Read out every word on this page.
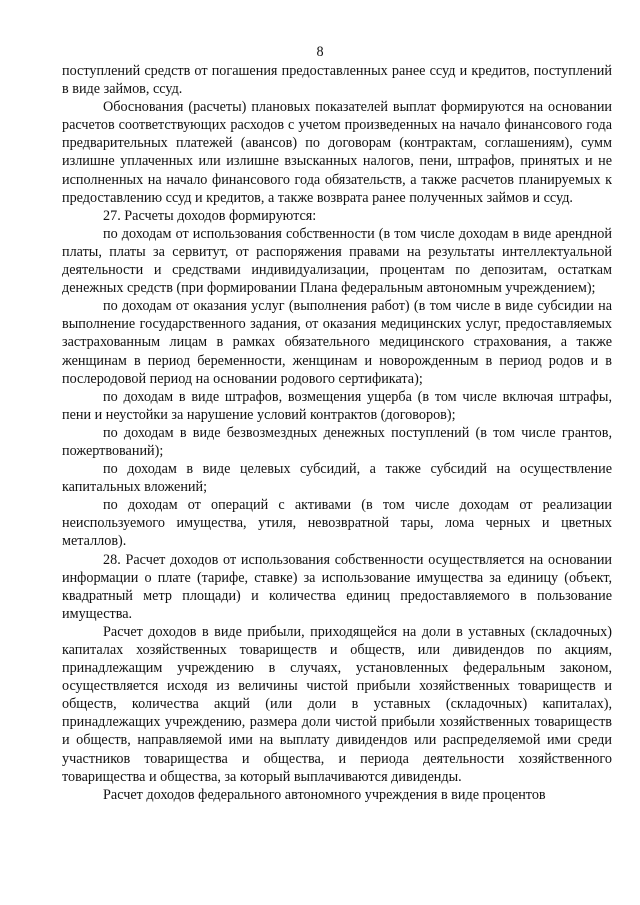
8

поступлений средств от погашения предоставленных ранее ссуд и кредитов, поступлений в виде займов, ссуд.

Обоснования (расчеты) плановых показателей выплат формируются на основании расчетов соответствующих расходов с учетом произведенных на начало финансового года предварительных платежей (авансов) по договорам (контрактам, соглашениям), сумм излишне уплаченных или излишне взысканных налогов, пени, штрафов, принятых и не исполненных на начало финансового года обязательств, а также расчетов планируемых к предоставлению ссуд и кредитов, а также возврата ранее полученных займов и ссуд.

27. Расчеты доходов формируются:

по доходам от использования собственности (в том числе доходам в виде арендной платы, платы за сервитут, от распоряжения правами на результаты интеллектуальной деятельности и средствами индивидуализации, процентам по депозитам, остаткам денежных средств (при формировании Плана федеральным автономным учреждением);

по доходам от оказания услуг (выполнения работ) (в том числе в виде субсидии на выполнение государственного задания, от оказания медицинских услуг, предоставляемых застрахованным лицам в рамках обязательного медицинского страхования, а также женщинам в период беременности, женщинам и новорожденным в период родов и в послеродовой период на основании родового сертификата);

по доходам в виде штрафов, возмещения ущерба (в том числе включая штрафы, пени и неустойки за нарушение условий контрактов (договоров);

по доходам в виде безвозмездных денежных поступлений (в том числе грантов, пожертвований);

по доходам в виде целевых субсидий, а также субсидий на осуществление капитальных вложений;

по доходам от операций с активами (в том числе доходам от реализации неиспользуемого имущества, утиля, невозвратной тары, лома черных и цветных металлов).

28. Расчет доходов от использования собственности осуществляется на основании информации о плате (тарифе, ставке) за использование имущества за единицу (объект, квадратный метр площади) и количества единиц предоставляемого в пользование имущества.

Расчет доходов в виде прибыли, приходящейся на доли в уставных (складочных) капиталах хозяйственных товариществ и обществ, или дивидендов по акциям, принадлежащим учреждению в случаях, установленных федеральным законом, осуществляется исходя из величины чистой прибыли хозяйственных товариществ и обществ, количества акций (или доли в уставных (складочных) капиталах), принадлежащих учреждению, размера доли чистой прибыли хозяйственных товариществ и обществ, направляемой ими на выплату дивидендов или распределяемой ими среди участников товарищества и общества, и периода деятельности хозяйственного товарищества и общества, за который выплачиваются дивиденды.

Расчет доходов федерального автономного учреждения в виде процентов
